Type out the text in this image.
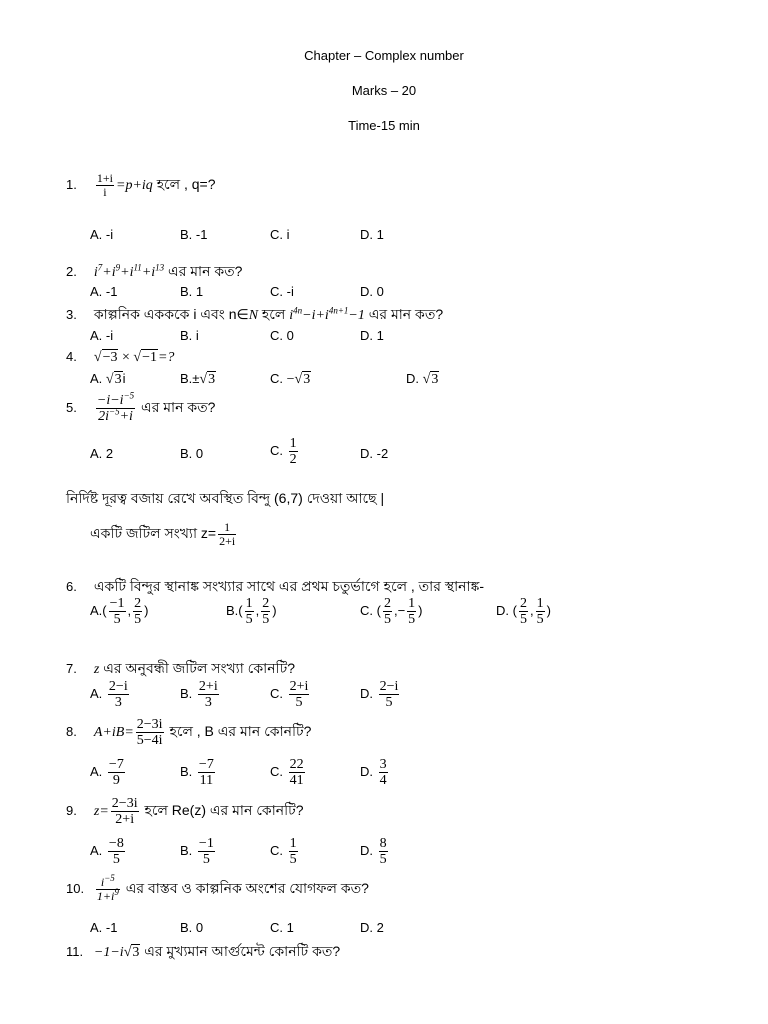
Chapter – Complex number
Marks – 20
Time-15 min
1. $\frac{1+i}{i} =p+iq$ হলে , q=?
A. -i	B. -1	C. i	D. 1
2. $i^7+i^9+i^{11}+i^{13}$ এর মান কত?
A. -1	B. 1	C. -i	D. 0
3. কাল্পনিক একককে i এবং n∈N হলে $i^{4n}-i+i^{4n+1}-1$ এর মান কত?
A. -i	B. i	C. 0	D. 1
4. √−3 × √−1=?
A. √3i	B.±√3	C. −√3	D. √3
5. $\frac{-i-i^{-5}}{2i^{-5}+i}$ এর মান কত?
A. 2	B. 0	C. $\frac{1}{2}$	D. -2
নির্দিষ্ট দূরত্ব বজায় রেখে অবস্থিত বিন্দু (6,7) দেওয়া আছে |
একটি জটিল সংখ্যা $z= \frac{1}{2+i}$
6. একটি বিন্দুর স্থানাঙ্ক সংখ্যার সাথে এর প্রথম চতুর্ভাগে হলে , তার স্থানাঙ্ক-
$A.( \frac{-1}{5}$ , $\frac{2}{5}$ )	$B.( \frac{1}{5}$ , $\frac{2}{5}$ )	C. ( $\frac{2}{5}$ ,− $\frac{1}{5}$ )	D. ( $\frac{2}{5}$ , $\frac{1}{5}$ )
7. z এর অনুবন্ধী জটিল সংখ্যা কোনটি?
A. $\frac{2-i}{3}$	B. $\frac{2+i}{3}$	C. $\frac{2+i}{5}$	D. $\frac{2-i}{5}$
8. $A+iB= \frac{2-3i}{5-4i}$ হলে , B এর মান কোনটি?
A. $\frac{-7}{9}$	B. $\frac{-7}{11}$	C. $\frac{22}{41}$	D. $\frac{3}{4}$
9. $z= \frac{2-3i}{2+i}$ হলে Re(z) এর মান কোনটি?
A. $\frac{-8}{5}$	B. $\frac{-1}{5}$	C. $\frac{1}{5}$	D. $\frac{8}{5}$
10. $\frac{i^{-5}}{1+i^9}$ এর বাস্তব ও কাল্পনিক অংশের যোগফল কত?
A. -1	B. 0	C. 1	D. 2
11. −1−i√3 এর মুখ্যমান আর্গুমেন্ট কোনটি কত?
